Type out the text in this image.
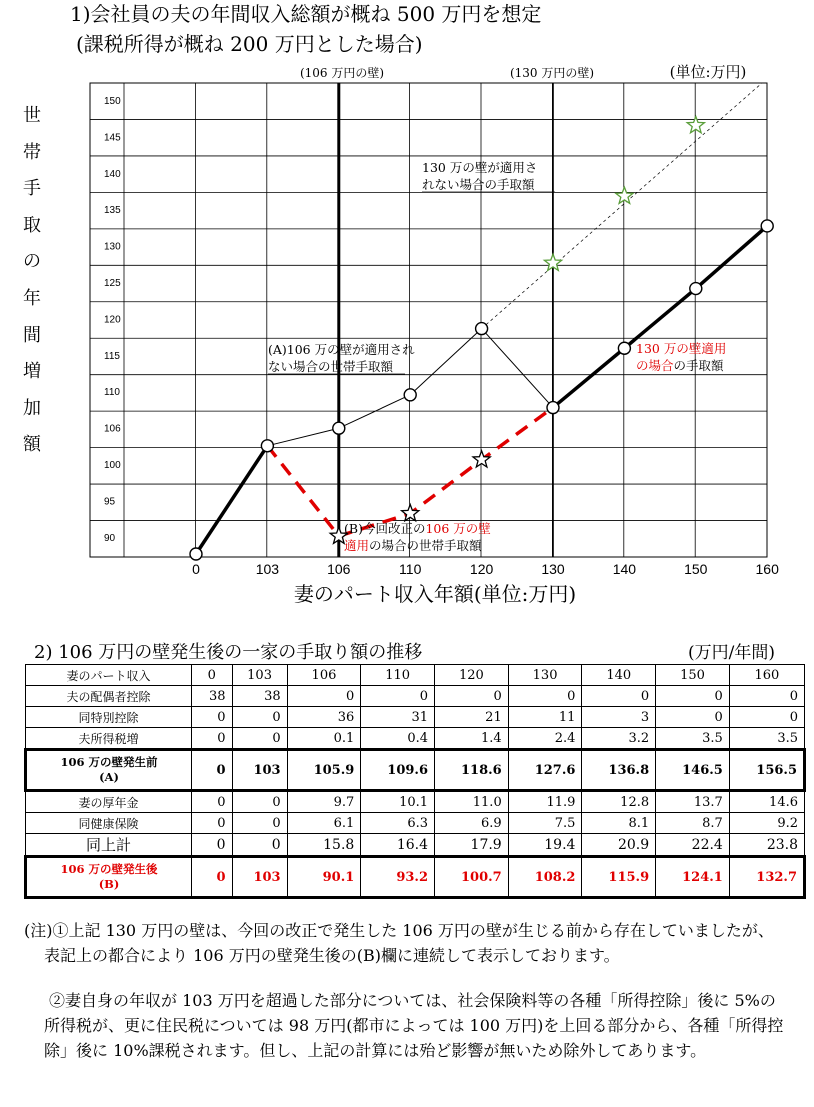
1)会社員の夫の年間収入総額が概ね 500 万円を想定
(課税所得が概ね 200 万円とした場合)
世
帯
手
取
の
年
間
増
加
額
150
145
140
135
130
125
120
115
110
106
100
95
90
0	103	106	110	120	130	140	150	160
妻のパート収入年額(単位:万円)
(106 万円の壁)	(130 万円の壁)	(単位:万円)
(A)106 万の壁が適用され
ない場合の世帯手取額
130 万の壁が適用さ
れない場合の手取額
130 万の壁適用
の場合の手取額
(B)今回改正の106 万の壁
適用の場合の世帯手取額
2) 106 万円の壁発生後の一家の手取り額の推移	(万円/年間)
妻のパート収入	0	103	106	110	120	130	140	150	160
夫の配偶者控除	38	38	0	0	0	0	0	0	0
同特別控除	0	0	36	31	21	11	3	0	0
夫所得税増	0	0	0.1	0.4	1.4	2.4	3.2	3.5	3.5
106 万の壁発生前
(A)	0	103	105.9	109.6	118.6	127.6	136.8	146.5	156.5
妻の厚年金	0	0	9.7	10.1	11.0	11.9	12.8	13.7	14.6
同健康保険	0	0	6.1	6.3	6.9	7.5	8.1	8.7	9.2
同上計	0	0	15.8	16.4	17.9	19.4	20.9	22.4	23.8
106 万の壁発生後
(B)	0	103	90.1	93.2	100.7	108.2	115.9	124.1	132.7

(注)①上記 130 万円の壁は、今回の改正で発生した 106 万円の壁が生じる前から存在していましたが、表記上の都合により 106 万円の壁発生後の(B)欄に連続して表示しております。

②妻自身の年収が 103 万円を超過した部分については、社会保険料等の各種「所得控除」後に 5%の所得税が、更に住民税については 98 万円(都市によっては 100 万円)を上回る部分から、各種「所得控除」後に 10%課税されます。但し、上記の計算には殆ど影響が無いため除外してあります。
